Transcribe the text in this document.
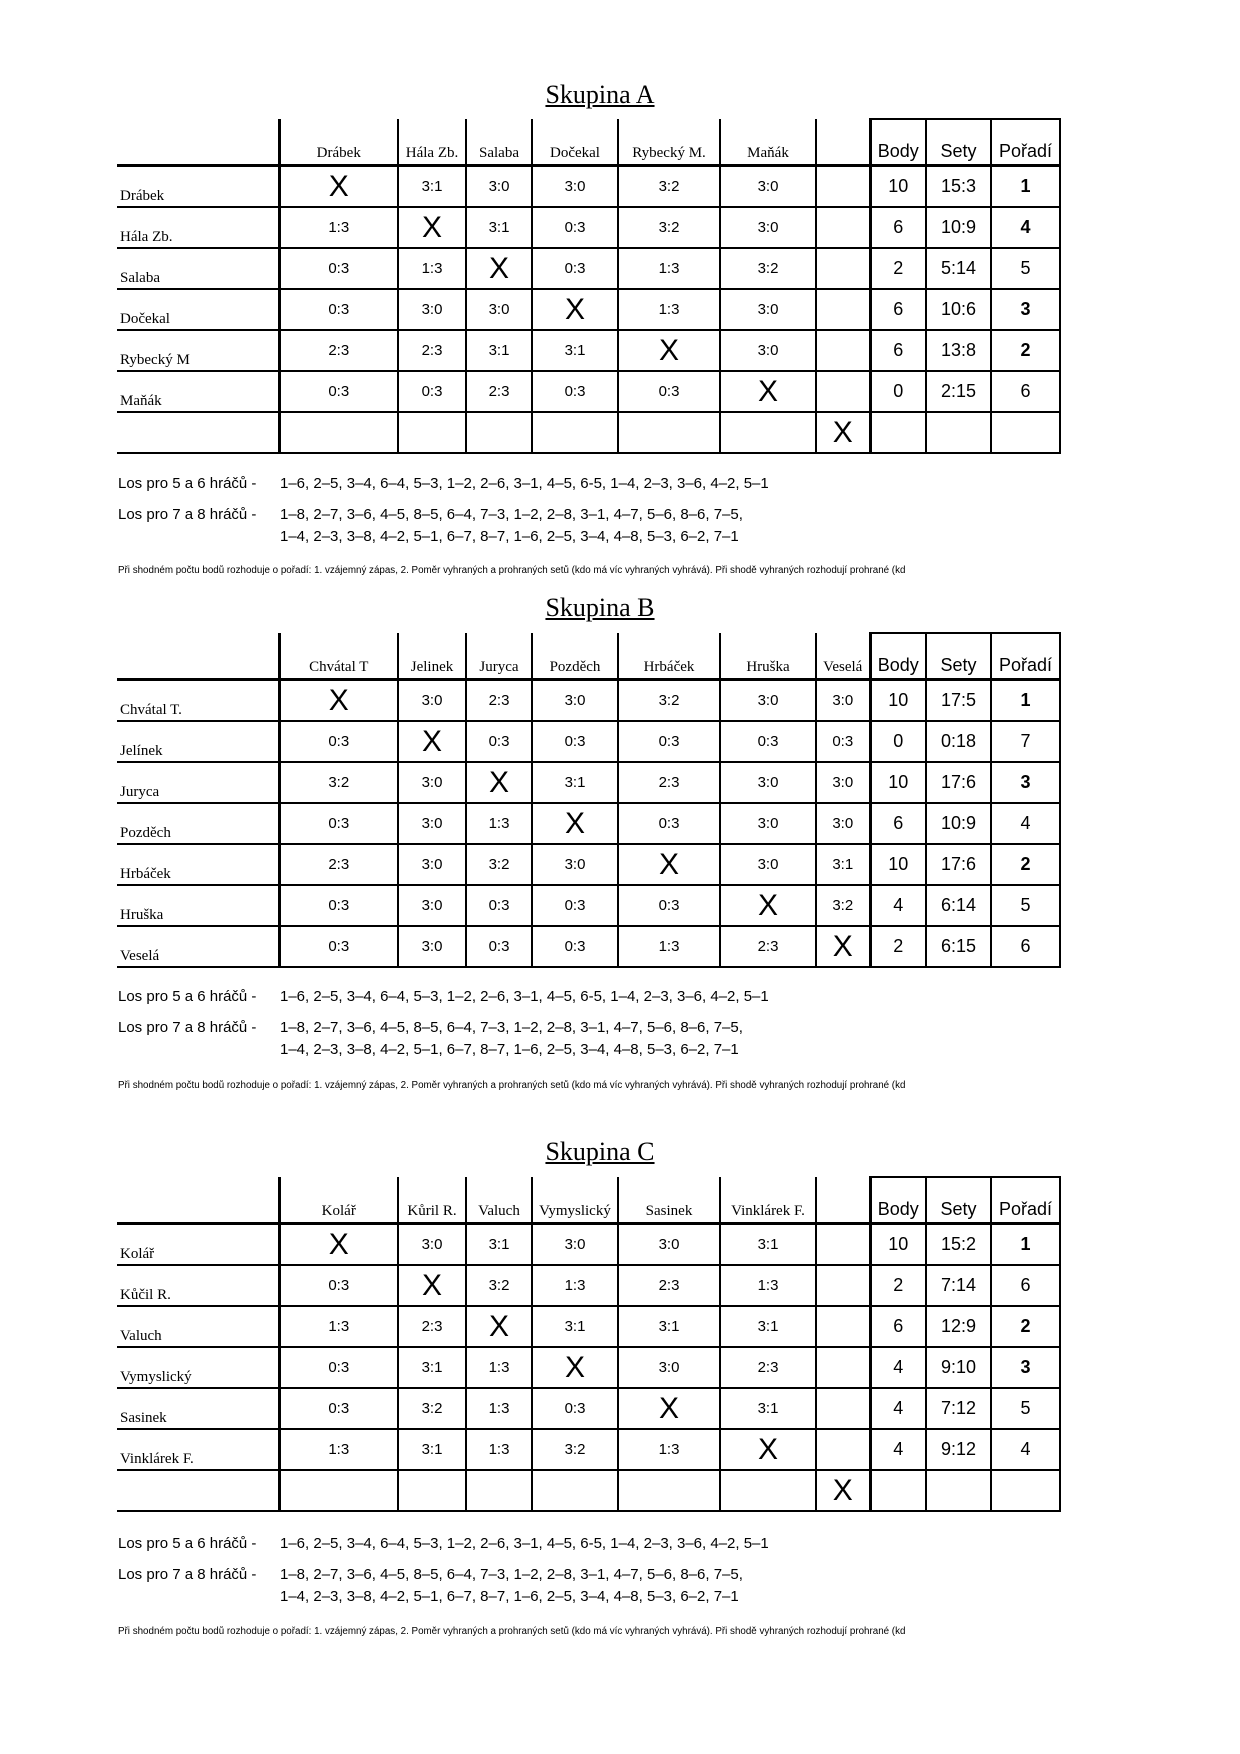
Skupina A
	Drábek	Hála Zb.	Salaba	Dočekal	Rybecký M.	Maňák		Body	Sety	Pořadí
Drábek	X	3:1	3:0	3:0	3:2	3:0		10	15:3	1
Hála Zb.	1:3	X	3:1	0:3	3:2	3:0		6	10:9	4
Salaba	0:3	1:3	X	0:3	1:3	3:2		2	5:14	5
Dočekal	0:3	3:0	3:0	X	1:3	3:0		6	10:6	3
Rybecký M	2:3	2:3	3:1	3:1	X	3:0		6	13:8	2
Maňák	0:3	0:3	2:3	0:3	0:3	X		0	2:15	6
							X			
Los pro 5 a 6 hráčů - 1–6, 2–5, 3–4, 6–4, 5–3, 1–2, 2–6, 3–1, 4–5, 6-5, 1–4, 2–3, 3–6, 4–2, 5–1
Los pro 7 a 8 hráčů - 1–8, 2–7, 3–6, 4–5, 8–5, 6–4, 7–3, 1–2, 2–8, 3–1, 4–7, 5–6, 8–6, 7–5,
1–4, 2–3, 3–8, 4–2, 5–1, 6–7, 8–7, 1–6, 2–5, 3–4, 4–8, 5–3, 6–2, 7–1
Při shodném počtu bodů rozhoduje o pořadí: 1. vzájemný zápas, 2. Poměr vyhraných a prohraných setů (kdo má víc vyhraných vyhrává). Při shodě vyhraných rozhodují prohrané (kd
Skupina B
	Chvátal T	Jelinek	Juryca	Pozděch	Hrbáček	Hruška	Veselá	Body	Sety	Pořadí
Chvátal T.	X	3:0	2:3	3:0	3:2	3:0	3:0	10	17:5	1
Jelínek	0:3	X	0:3	0:3	0:3	0:3	0:3	0	0:18	7
Juryca	3:2	3:0	X	3:1	2:3	3:0	3:0	10	17:6	3
Pozděch	0:3	3:0	1:3	X	0:3	3:0	3:0	6	10:9	4
Hrbáček	2:3	3:0	3:2	3:0	X	3:0	3:1	10	17:6	2
Hruška	0:3	3:0	0:3	0:3	0:3	X	3:2	4	6:14	5
Veselá	0:3	3:0	0:3	0:3	1:3	2:3	X	2	6:15	6
Los pro 5 a 6 hráčů - 1–6, 2–5, 3–4, 6–4, 5–3, 1–2, 2–6, 3–1, 4–5, 6-5, 1–4, 2–3, 3–6, 4–2, 5–1
Los pro 7 a 8 hráčů - 1–8, 2–7, 3–6, 4–5, 8–5, 6–4, 7–3, 1–2, 2–8, 3–1, 4–7, 5–6, 8–6, 7–5,
1–4, 2–3, 3–8, 4–2, 5–1, 6–7, 8–7, 1–6, 2–5, 3–4, 4–8, 5–3, 6–2, 7–1
Při shodném počtu bodů rozhoduje o pořadí: 1. vzájemný zápas, 2. Poměr vyhraných a prohraných setů (kdo má víc vyhraných vyhrává). Při shodě vyhraných rozhodují prohrané (kd
Skupina C
	Kolář	Kůril R.	Valuch	Vymyslický	Sasinek	Vinklárek F.		Body	Sety	Pořadí
Kolář	X	3:0	3:1	3:0	3:0	3:1		10	15:2	1
Kůčil R.	0:3	X	3:2	1:3	2:3	1:3		2	7:14	6
Valuch	1:3	2:3	X	3:1	3:1	3:1		6	12:9	2
Vymyslický	0:3	3:1	1:3	X	3:0	2:3		4	9:10	3
Sasinek	0:3	3:2	1:3	0:3	X	3:1		4	7:12	5
Vinklárek F.	1:3	3:1	1:3	3:2	1:3	X		4	9:12	4
							X			
Los pro 5 a 6 hráčů - 1–6, 2–5, 3–4, 6–4, 5–3, 1–2, 2–6, 3–1, 4–5, 6-5, 1–4, 2–3, 3–6, 4–2, 5–1
Los pro 7 a 8 hráčů - 1–8, 2–7, 3–6, 4–5, 8–5, 6–4, 7–3, 1–2, 2–8, 3–1, 4–7, 5–6, 8–6, 7–5,
1–4, 2–3, 3–8, 4–2, 5–1, 6–7, 8–7, 1–6, 2–5, 3–4, 4–8, 5–3, 6–2, 7–1
Při shodném počtu bodů rozhoduje o pořadí: 1. vzájemný zápas, 2. Poměr vyhraných a prohraných setů (kdo má víc vyhraných vyhrává). Při shodě vyhraných rozhodují prohrané (kd
